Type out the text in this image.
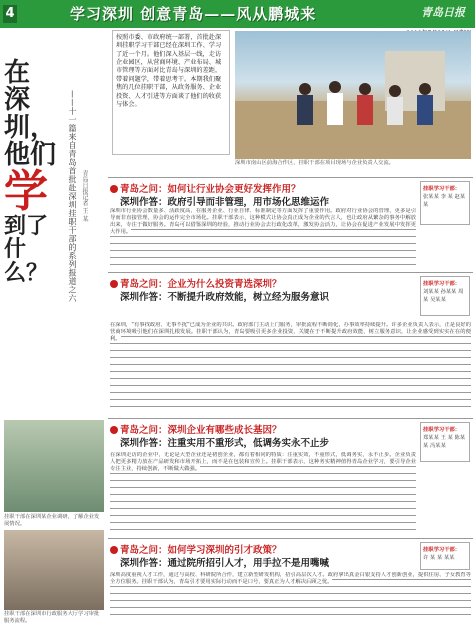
4	学习深圳 创意青岛——风从鹏城来	青岛日报
在
深圳，
他们
学
到了什么？	——十一篇来自青岛首批赴深圳挂职干部的系列报道之六 青岛日报记者 王 某
按照市委、市政府统一部署，首批赴深圳挂职学习干部已经在深圳工作、学习了近一个月。他们深入基层一线，走访企业园区，从营商环境、产业布局、城市管理等方面对比青岛与深圳的差距，带着问题学，带着思考干。本期我们聚焦的几位挂职干部，从政务服务、企业投资、人才引进等方面谈了他们的收获与体会。
深圳市南山区前海合作区，挂职干部在项目现场与企业负责人交流。
青岛之问：如何让行业协会更好发挥作用？
深圳作答：政府引导而非管理，用市场化思维运作
深圳市行业协会数量多、活跃度高，在服务企业、行业自律、标准制定等方面发挥了重要作用。政府对行业协会的管理，更多是引导而非直接管理，协会的运作完全市场化。挂职干部表示，这种模式让协会真正成为企业的代言人，也让政府从繁杂的事务中解放出来，专注于做好服务。青岛可以借鉴深圳的经验，推动行业协会去行政化改革，激发协会活力，让协会在促进产业发展中发挥更大作用。
挂职学习干部：
张某某 李 某 赵某某
青岛之问：企业为什么投资青选深圳？
深圳作答：不断提升政府效能，树立经为服务意识
挂职学习干部：
刘某某 孙某某 周 某 吴某某
在深圳，“有事找政府、无事不扰”已成为企业的共识。政府部门主动上门服务，审批流程不断简化，办事效率持续提升。许多企业负责人表示，正是良好的营商环境吸引他们在深圳扎根发展。挂职干部认为，青岛要吸引更多企业投资，关键在于不断提升政府效能，树立服务意识，让企业感受到实实在在的便利。
挂职干部在深圳某企业调研，了解企业发展情况。
挂职干部在深圳市行政服务大厅学习审批服务流程。
青岛之问：深圳企业有哪些成长基因？
深圳作答：注重实用不重形式，低调务实永不止步
挂职学习干部：
郑某某 王 某 陈某某 冯某某
在深圳走访的企业中，无论是大型企业还是初创企业，都有着相同的特质：注重实效，不重形式，低调务实，永不止步。企业负责人把更多精力放在产品研发和市场开拓上，而不是在包装和宣传上。挂职干部表示，这种务实精神值得青岛企业学习，要引导企业专注主业，持续创新，不断做大做强。
青岛之问：如何学习深圳的引才政策？
深圳作答：通过院所招引人才，用手拉不是用嘴喊
挂职学习干部：
许 某 某 某某
深圳高度重视人才工作，通过与高校、科研院所合作，建立新型研发机构，招引高层次人才。政府拿出真金白银支持人才创新创业，提供住房、子女教育等全方位服务。挂职干部认为，青岛引才要用实际行动而不是口号，要真正为人才解决后顾之忧。
